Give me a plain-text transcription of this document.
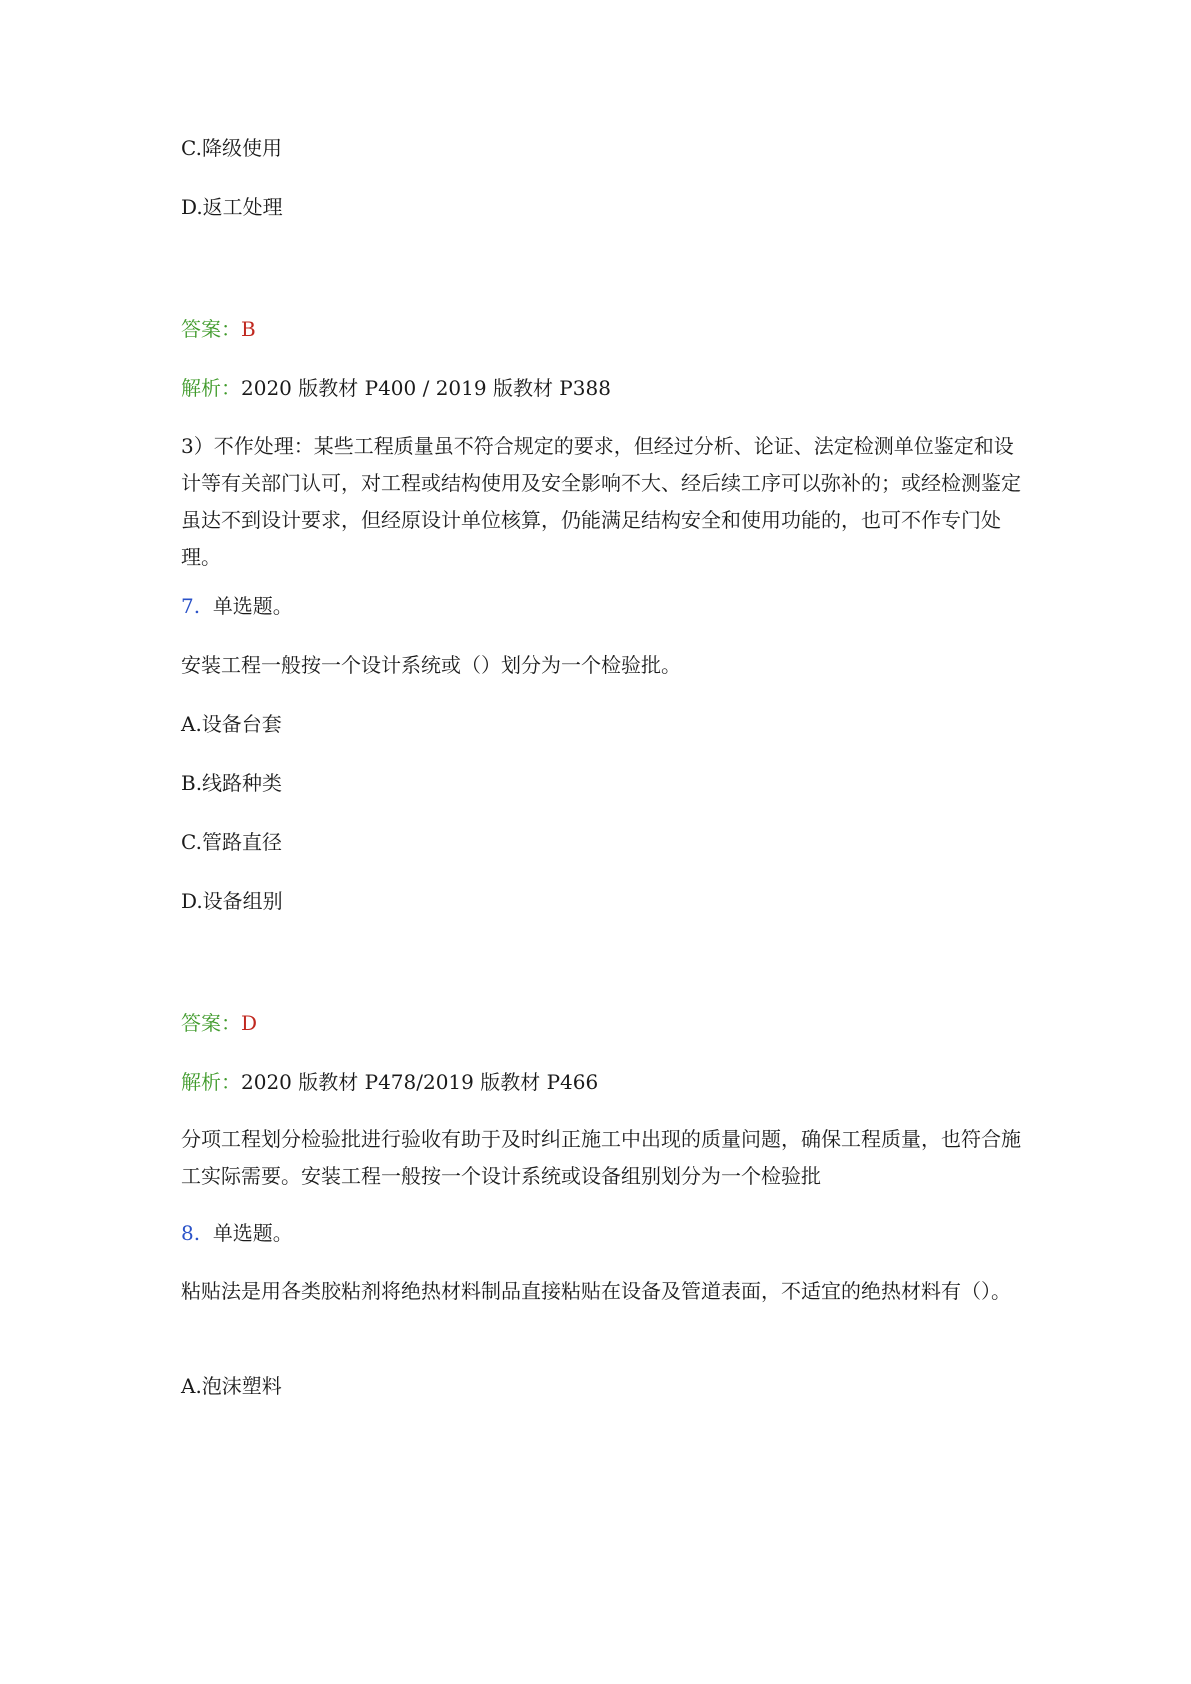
C.降级使用
D.返工处理
答案：B
解析：2020 版教材 P400 / 2019 版教材 P388
3）不作处理：某些工程质量虽不符合规定的要求，但经过分析、论证、法定检测单位鉴定和设计等有关部门认可，对工程或结构使用及安全影响不大、经后续工序可以弥补的；或经检测鉴定虽达不到设计要求，但经原设计单位核算，仍能满足结构安全和使用功能的，也可不作专门处理。
7. 单选题。
安装工程一般按一个设计系统或（）划分为一个检验批。
A.设备台套
B.线路种类
C.管路直径
D.设备组别
答案：D
解析：2020 版教材 P478/2019 版教材 P466
分项工程划分检验批进行验收有助于及时纠正施工中出现的质量问题，确保工程质量，也符合施工实际需要。安装工程一般按一个设计系统或设备组别划分为一个检验批
8. 单选题。
粘贴法是用各类胶粘剂将绝热材料制品直接粘贴在设备及管道表面，不适宜的绝热材料有（）。
A.泡沫塑料
